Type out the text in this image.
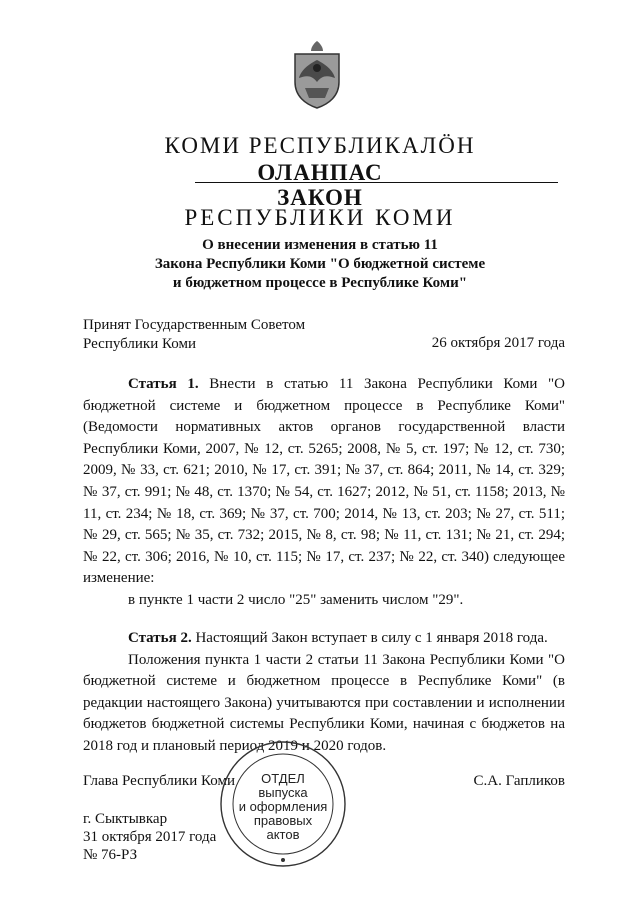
КОМИ РЕСПУБЛИКАЛÖН
ОЛАНПАС
ЗАКОН
РЕСПУБЛИКИ КОМИ
О внесении изменения в статью 11
Закона Республики Коми "О бюджетной системе
и бюджетном процессе в Республике Коми"
Принят Государственным Советом
Республики Коми	26 октября 2017 года

Статья 1. Внести в статью 11 Закона Республики Коми "О бюджетной системе и бюджетном процессе в Республике Коми" (Ведомости нормативных актов органов государственной власти Республики Коми, 2007, № 12, ст. 5265; 2008, № 5, ст. 197; № 12, ст. 730; 2009, № 33, ст. 621; 2010, № 17, ст. 391; № 37, ст. 864; 2011, № 14, ст. 329; № 37, ст. 991; № 48, ст. 1370; № 54, ст. 1627; 2012, № 51, ст. 1158; 2013, № 11, ст. 234; № 18, ст. 369; № 37, ст. 700; 2014, № 13, ст. 203; № 27, ст. 511; № 29, ст. 565; № 35, ст. 732; 2015, № 8, ст. 98; № 11, ст. 131; № 21, ст. 294; № 22, ст. 306; 2016, № 10, ст. 115; № 17, ст. 237; № 22, ст. 340) следующее изменение:

в пункте 1 части 2 число "25" заменить числом "29".

Статья 2. Настоящий Закон вступает в силу с 1 января 2018 года.

Положения пункта 1 части 2 статьи 11 Закона Республики Коми "О бюджетной системе и бюджетном процессе в Республике Коми" (в редакции настоящего Закона) учитываются при составлении и исполнении бюджетов бюджетной системы Республики Коми, начиная с бюджетов на 2018 год и плановый период 2019 и 2020 годов.

Глава Республики Коми	С.А. Гапликов
г. Сыктывкар
31 октября 2017 года
№ 76-РЗ
ОТДЕЛ
выпуска
и оформления
правовых
актов
